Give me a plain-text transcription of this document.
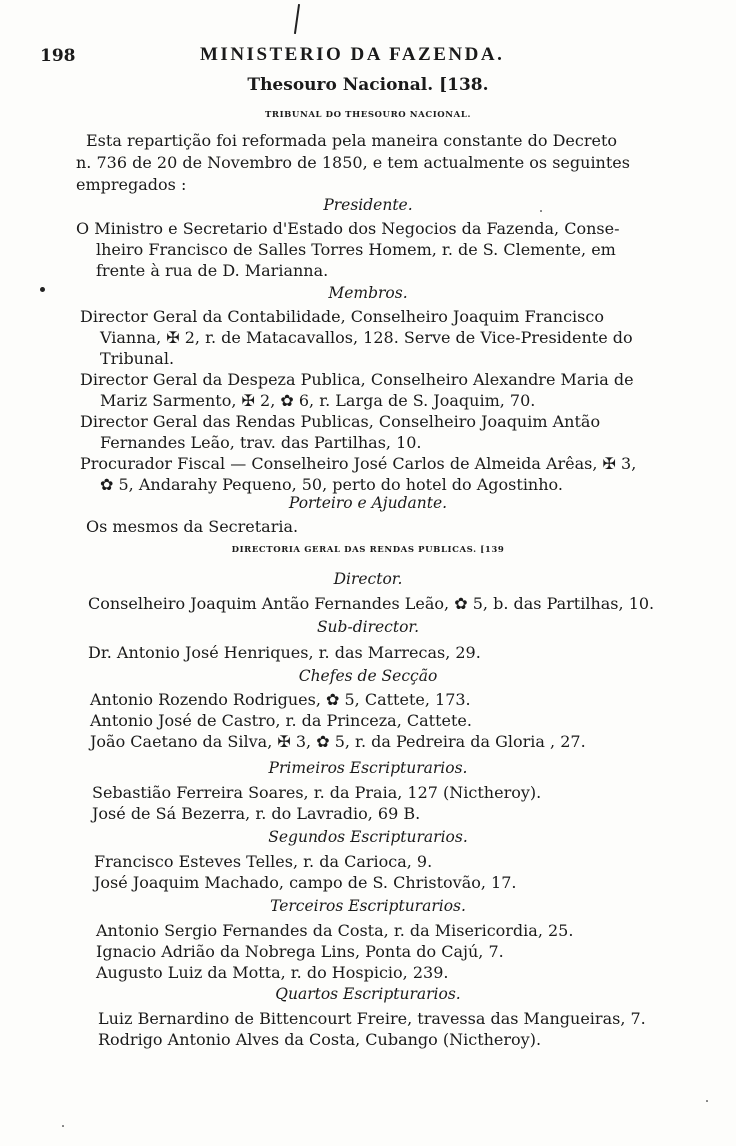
198	MINISTERIO DA FAZENDA.
Thesouro Nacional. [138.
TRIBUNAL DO THESOURO NACIONAL.
Esta repartição foi reformada pela maneira constante do Decreto
n. 736 de 20 de Novembro de 1850, e tem actualmente os seguintes
empregados :
Presidente.
O Ministro e Secretario d'Estado dos Negocios da Fazenda, Conse-
lheiro Francisco de Salles Torres Homem, r. de S. Clemente, em
frente à rua de D. Marianna.
Membros.
Director Geral da Contabilidade, Conselheiro Joaquim Francisco
Vianna, ✠ 2, r. de Matacavallos, 128. Serve de Vice-Presidente do
Tribunal.
Director Geral da Despeza Publica, Conselheiro Alexandre Maria de
Mariz Sarmento, ✠ 2, ✿ 6, r. Larga de S. Joaquim, 70.
Director Geral das Rendas Publicas, Conselheiro Joaquim Antão
Fernandes Leão, trav. das Partilhas, 10.
Procurador Fiscal — Conselheiro José Carlos de Almeida Arêas, ✠ 3,
✿ 5, Andarahy Pequeno, 50, perto do hotel do Agostinho.
Porteiro e Ajudante.
Os mesmos da Secretaria.
DIRECTORIA GERAL DAS RENDAS PUBLICAS. [139
Director.
Conselheiro Joaquim Antão Fernandes Leão, ✿ 5, b. das Partilhas, 10.
Sub-director.
Dr. Antonio José Henriques, r. das Marrecas, 29.
Chefes de Secção
Antonio Rozendo Rodrigues, ✿ 5, Cattete, 173.
Antonio José de Castro, r. da Princeza, Cattete.
João Caetano da Silva, ✠ 3, ✿ 5, r. da Pedreira da Gloria , 27.
Primeiros Escripturarios.
Sebastião Ferreira Soares, r. da Praia, 127 (Nictheroy).
José de Sá Bezerra, r. do Lavradio, 69 B.
Segundos Escripturarios.
Francisco Esteves Telles, r. da Carioca, 9.
José Joaquim Machado, campo de S. Christovão, 17.
Terceiros Escripturarios.
Antonio Sergio Fernandes da Costa, r. da Misericordia, 25.
Ignacio Adrião da Nobrega Lins, Ponta do Cajú, 7.
Augusto Luiz da Motta, r. do Hospicio, 239.
Quartos Escripturarios.
Luiz Bernardino de Bittencourt Freire, travessa das Mangueiras, 7.
Rodrigo Antonio Alves da Costa, Cubango (Nictheroy).
